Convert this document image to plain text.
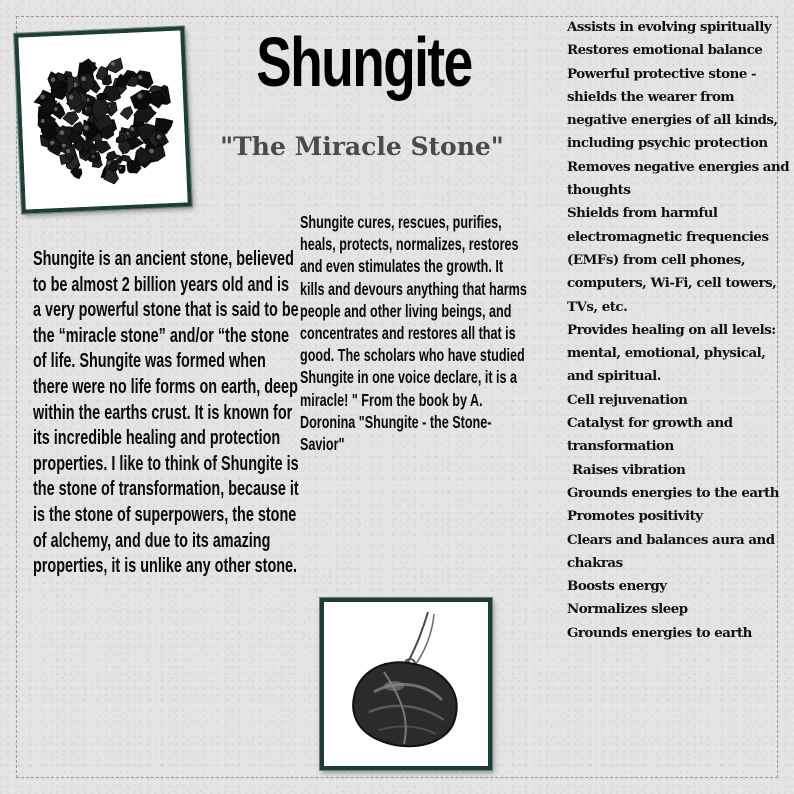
Shungite
"The Miracle Stone"
Shungite is an ancient stone, believed to be almost 2 billion years old and is a very powerful stone that is said to be the “miracle stone” and/or “the stone of life. Shungite was formed when there were no life forms on earth, deep within the earths crust. It is known for its incredible healing and protection properties. I like to think of Shungite is the stone of transformation, because it is the stone of superpowers, the stone of alchemy, and due to its amazing properties, it is unlike any other stone.
Shungite cures, rescues, purifies, heals, protects, normalizes, restores and even stimulates the growth. It kills and devours anything that harms people and other living beings, and concentrates and restores all that is good. The scholars who have studied Shungite in one voice declare, it is a miracle! " From the book by A. Doronina "Shungite - the Stone-Savior"
Assists in evolving spiritually
Restores emotional balance
Powerful protective stone - shields the wearer from negative energies of all kinds, including psychic protection
Removes negative energies and thoughts
Shields from harmful electromagnetic frequencies (EMFs) from cell phones, computers, Wi-Fi, cell towers, TVs, etc.
Provides healing on all levels: mental, emotional, physical, and spiritual.
Cell rejuvenation
Catalyst for growth and transformation
Raises vibration
Grounds energies to the earth
Promotes positivity
Clears and balances aura and chakras
Boosts energy
Normalizes sleep
Grounds energies to earth
